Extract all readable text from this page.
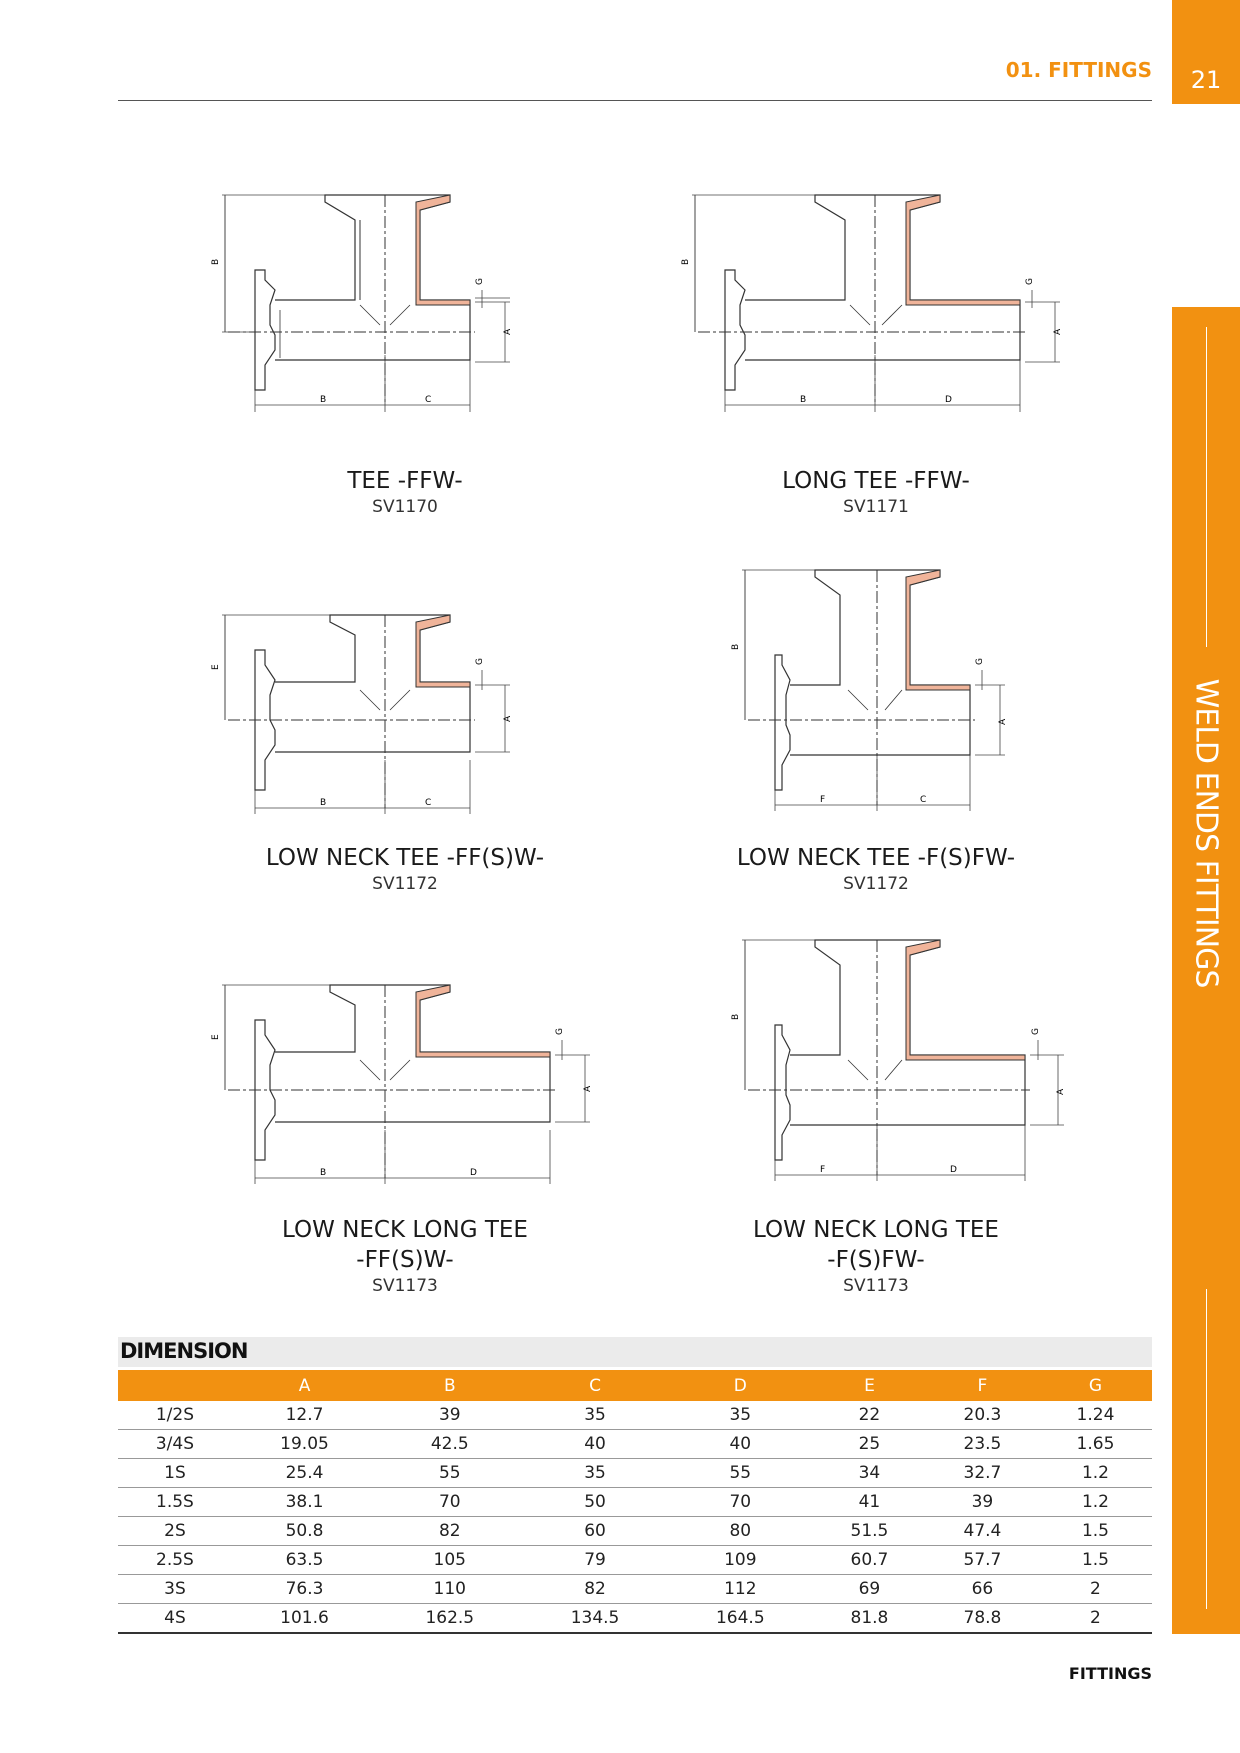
01. FITTINGS	21
WELD ENDS FITTINGS
TEE -FFW-
SV1170
B
B	D
A
G
LONG TEE -FFW-
SV1171
E
B	C
A
G
LOW NECK TEE -FF(S)W-
SV1172
B
F	C
A
G
LOW NECK TEE -F(S)FW-
SV1172
E
B	D
A
G
LOW NECK LONG TEE
-FF(S)W-
SV1173
B
F	D
A
G
LOW NECK LONG TEE
-F(S)FW-
SV1173
DIMENSION
	A	B	C	D	E	F	G
1/2S	12.7	39	35	35	22	20.3	1.24
3/4S	19.05	42.5	40	40	25	23.5	1.65
1S	25.4	55	35	55	34	32.7	1.2
1.5S	38.1	70	50	70	41	39	1.2
2S	50.8	82	60	80	51.5	47.4	1.5
2.5S	63.5	105	79	109	60.7	57.7	1.5
3S	76.3	110	82	112	69	66	2
4S	101.6	162.5	134.5	164.5	81.8	78.8	2
FITTINGS
